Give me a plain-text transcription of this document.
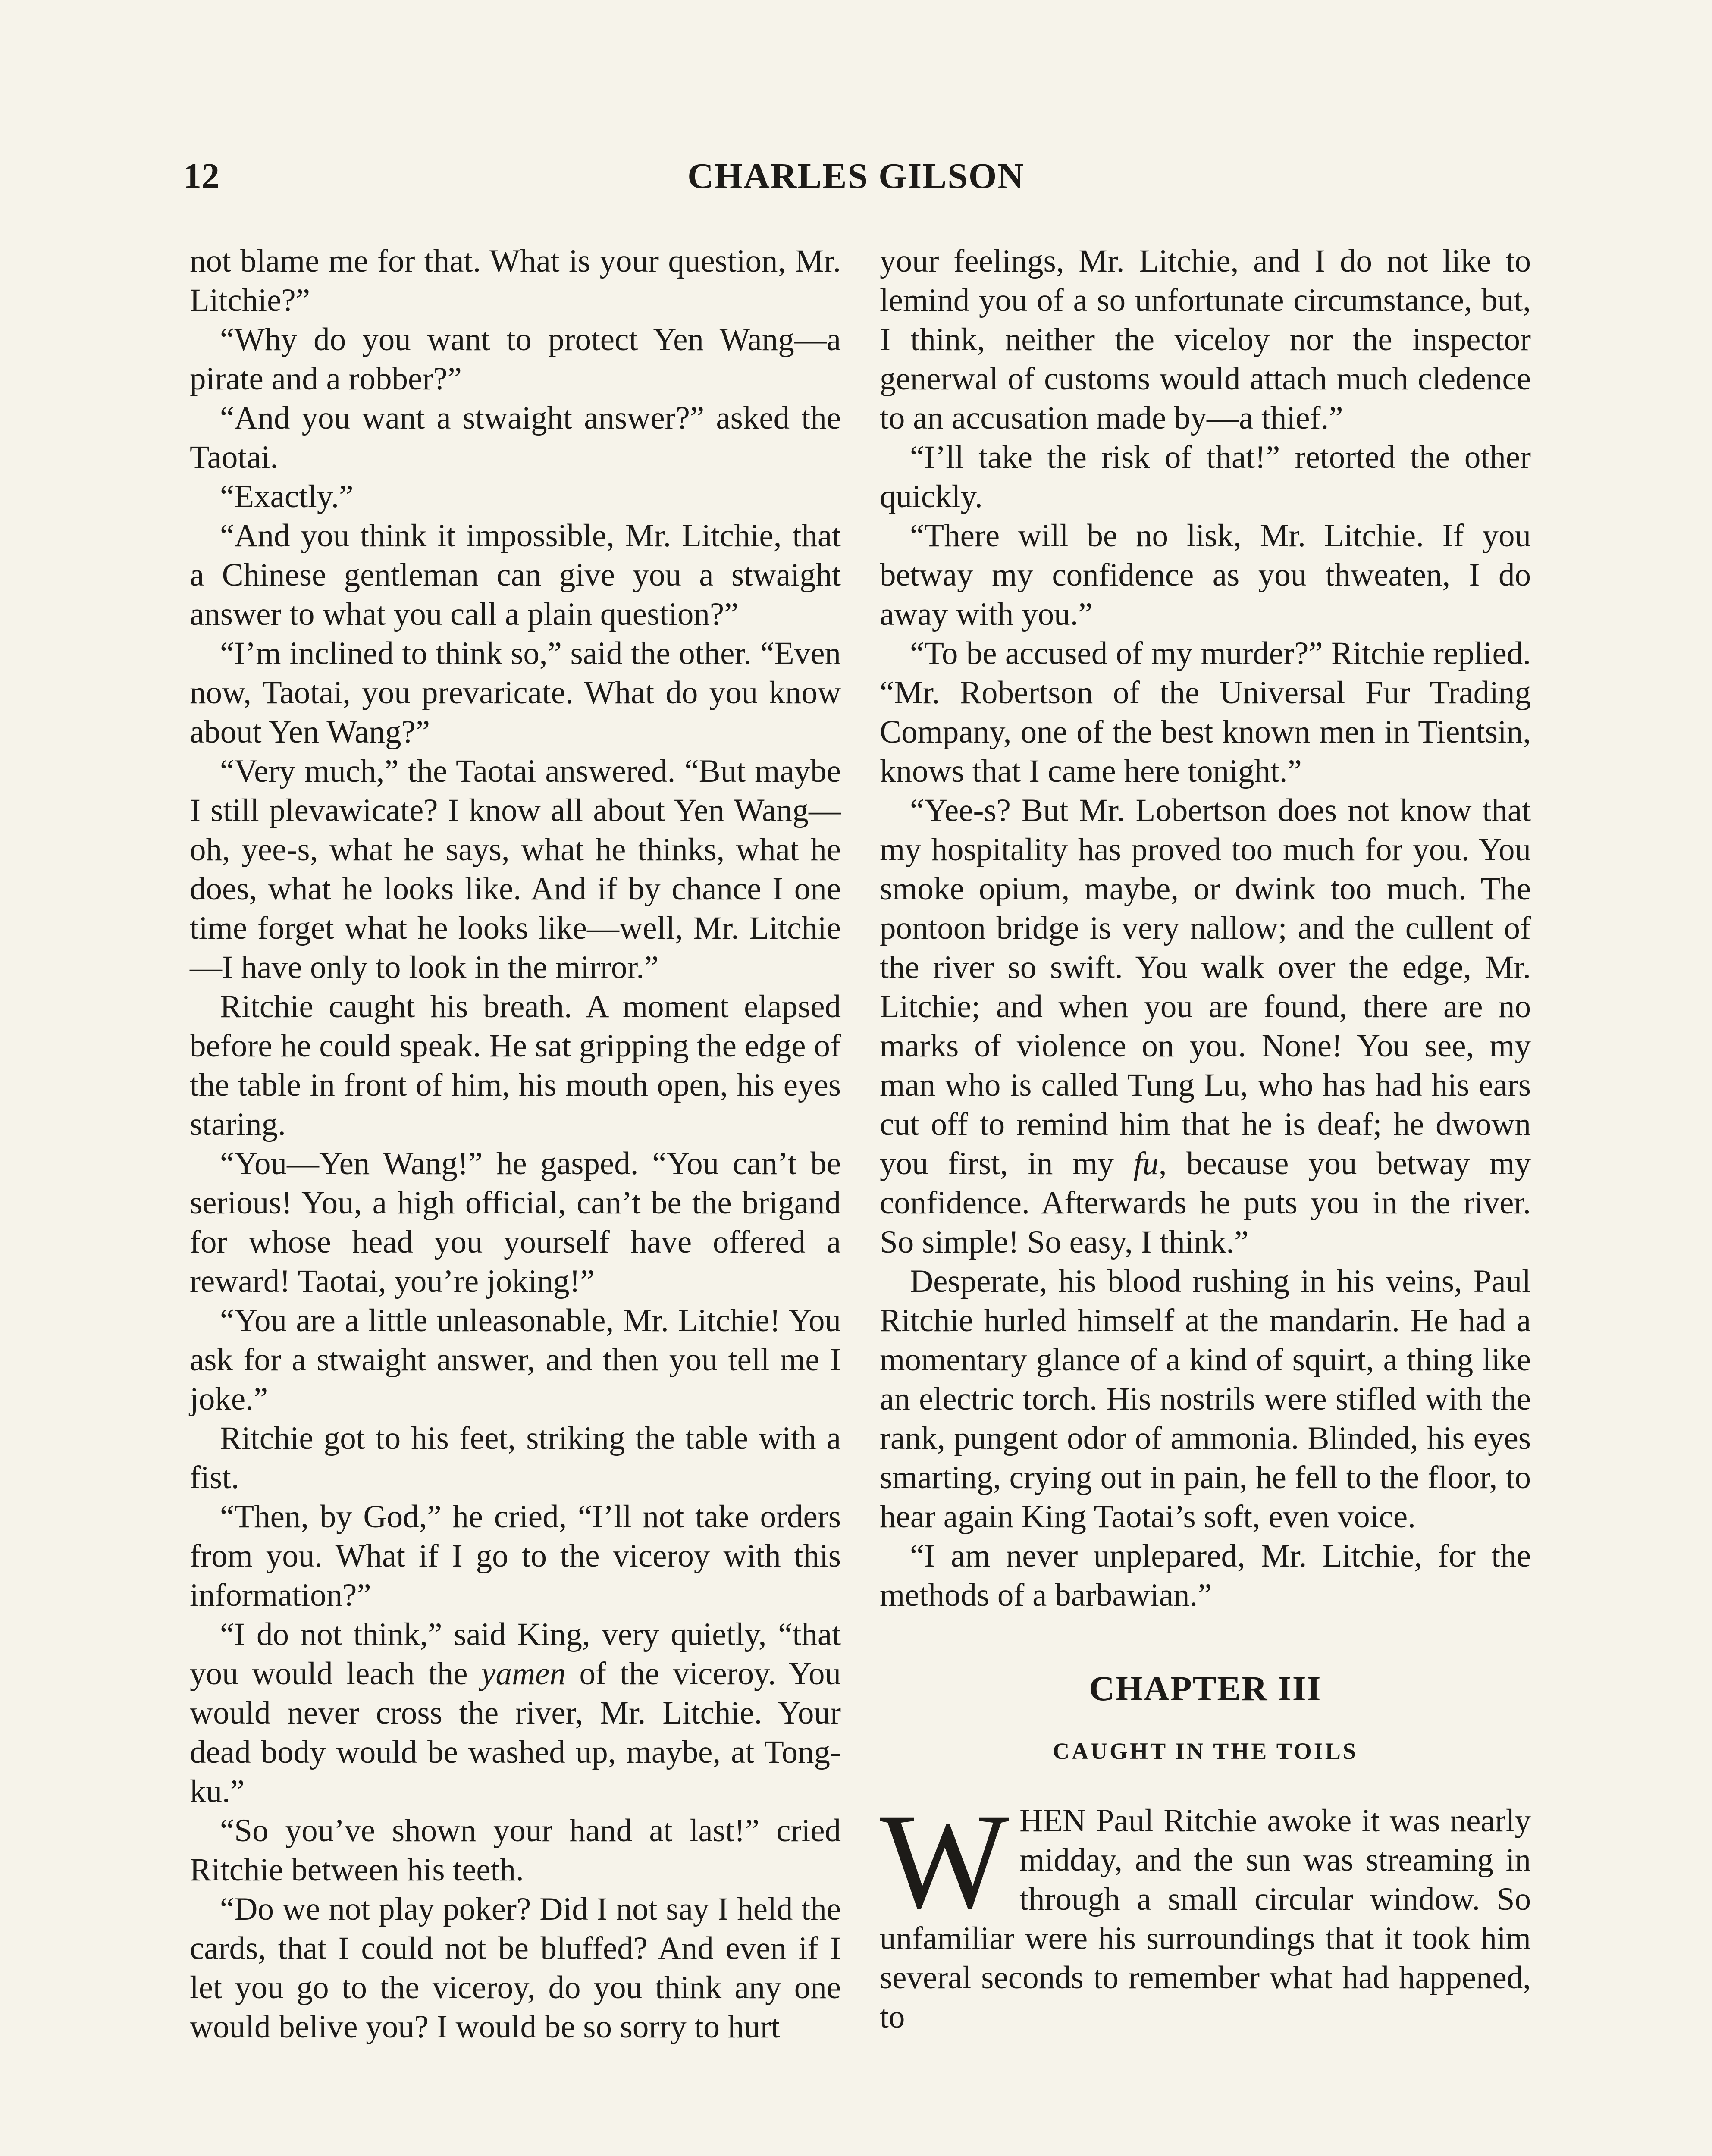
12	CHARLES GILSON

not blame me for that. What is your question, Mr. Litchie?”

“Why do you want to protect Yen Wang—a pirate and a robber?”

“And you want a stwaight answer?” asked the Taotai.

“Exactly.”

“And you think it impossible, Mr. Litchie, that a Chinese gentleman can give you a stwaight answer to what you call a plain question?”

“I’m inclined to think so,” said the other. “Even now, Taotai, you prevaricate. What do you know about Yen Wang?”

“Very much,” the Taotai answered. “But maybe I still plevawicate? I know all about Yen Wang—oh, yee-s, what he says, what he thinks, what he does, what he looks like. And if by chance I one time forget what he looks like—well, Mr. Litchie—I have only to look in the mirror.”

Ritchie caught his breath. A moment elapsed before he could speak. He sat gripping the edge of the table in front of him, his mouth open, his eyes staring.

“You—Yen Wang!” he gasped. “You can’t be serious! You, a high official, can’t be the brigand for whose head you yourself have offered a reward! Taotai, you’re joking!”

“You are a little unleasonable, Mr. Litchie! You ask for a stwaight answer, and then you tell me I joke.”

Ritchie got to his feet, striking the table with a fist.

“Then, by God,” he cried, “I’ll not take orders from you. What if I go to the viceroy with this information?”

“I do not think,” said King, very quietly, “that you would leach the yamen of the viceroy. You would never cross the river, Mr. Litchie. Your dead body would be washed up, maybe, at Tong-ku.”

“So you’ve shown your hand at last!” cried Ritchie between his teeth.

“Do we not play poker? Did I not say I held the cards, that I could not be bluffed? And even if I let you go to the viceroy, do you think any one would belive you? I would be so sorry to hurt

your feelings, Mr. Litchie, and I do not like to lemind you of a so unfortunate circumstance, but, I think, neither the viceloy nor the inspector generwal of customs would attach much cledence to an accusation made by—a thief.”

“I’ll take the risk of that!” retorted the other quickly.

“There will be no lisk, Mr. Litchie. If you betway my confidence as you thweaten, I do away with you.”

“To be accused of my murder?” Ritchie replied. “Mr. Robertson of the Universal Fur Trading Company, one of the best known men in Tientsin, knows that I came here tonight.”

“Yee-s? But Mr. Lobertson does not know that my hospitality has proved too much for you. You smoke opium, maybe, or dwink too much. The pontoon bridge is very nallow; and the cullent of the river so swift. You walk over the edge, Mr. Litchie; and when you are found, there are no marks of violence on you. None! You see, my man who is called Tung Lu, who has had his ears cut off to remind him that he is deaf; he dwown you first, in my fu, because you betway my confidence. Afterwards he puts you in the river. So simple! So easy, I think.”

Desperate, his blood rushing in his veins, Paul Ritchie hurled himself at the mandarin. He had a momentary glance of a kind of squirt, a thing like an electric torch. His nostrils were stifled with the rank, pungent odor of ammonia. Blinded, his eyes smarting, crying out in pain, he fell to the floor, to hear again King Taotai’s soft, even voice.

“I am never unplepared, Mr. Litchie, for the methods of a barbawian.”

CHAPTER III
CAUGHT IN THE TOILS

WHEN Paul Ritchie awoke it was nearly midday, and the sun was streaming in through a small circular window. So unfamiliar were his surroundings that it took him several seconds to remember what had happened, to
